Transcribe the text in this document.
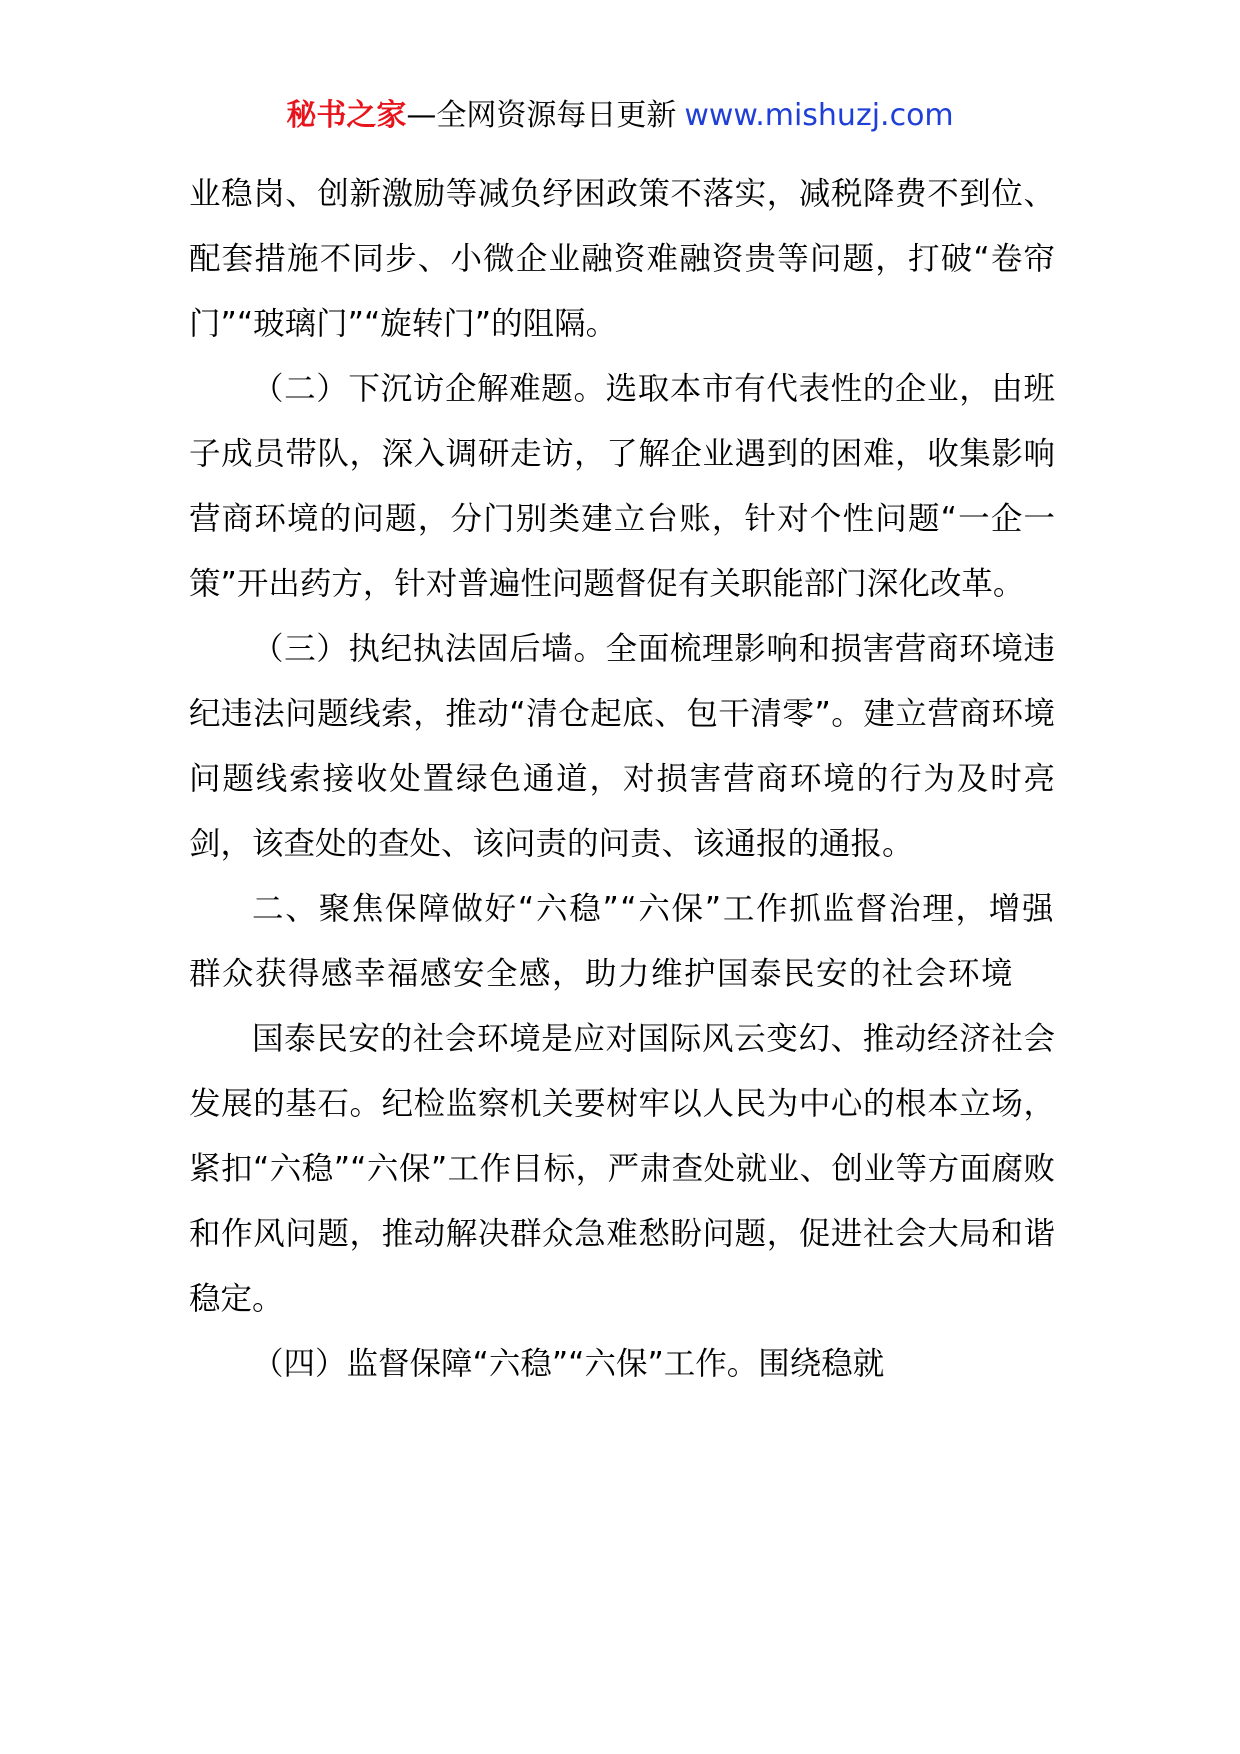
秘书之家—全网资源每日更新 www.mishuzj.com

业稳岗、创新激励等减负纾困政策不落实，减税降费不到位、配套措施不同步、小微企业融资难融资贵等问题，打破“卷帘门”“玻璃门”“旋转门”的阻隔。

（二）下沉访企解难题。选取本市有代表性的企业，由班子成员带队，深入调研走访，了解企业遇到的困难，收集影响营商环境的问题，分门别类建立台账，针对个性问题“一企一策”开出药方，针对普遍性问题督促有关职能部门深化改革。

（三）执纪执法固后墙。全面梳理影响和损害营商环境违纪违法问题线索，推动“清仓起底、包干清零”。建立营商环境问题线索接收处置绿色通道，对损害营商环境的行为及时亮剑，该查处的查处、该问责的问责、该通报的通报。

二、聚焦保障做好“六稳”“六保”工作抓监督治理，增强群众获得感幸福感安全感，助力维护国泰民安的社会环境

国泰民安的社会环境是应对国际风云变幻、推动经济社会发展的基石。纪检监察机关要树牢以人民为中心的根本立场，紧扣“六稳”“六保”工作目标，严肃查处就业、创业等方面腐败和作风问题，推动解决群众急难愁盼问题，促进社会大局和谐稳定。

（四）监督保障“六稳”“六保”工作。围绕稳就
